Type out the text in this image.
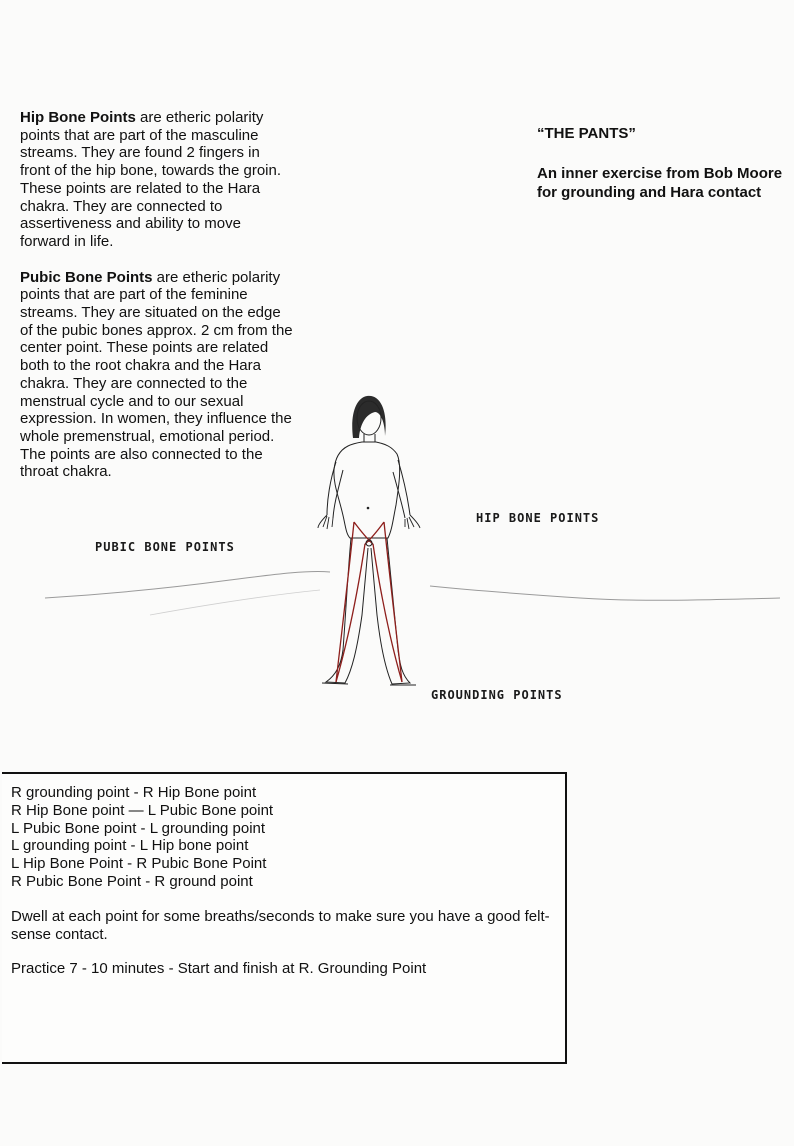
Hip Bone Points are etheric polarity points that are part of the masculine streams. They are found 2 fingers in front of the hip bone, towards the groin. These points are related to the Hara chakra. They are connected to assertiveness and ability to move forward in life.

Pubic Bone Points are etheric polarity points that are part of the feminine streams. They are situated on the edge of the pubic bones approx. 2 cm from the center point. These points are related both to the root chakra and the Hara chakra. They are connected to the menstrual cycle and to our sexual expression. In women, they influence the whole premenstrual, emotional period. The points are also connected to the throat chakra.

“THE PANTS”

An inner exercise from Bob Moore for grounding and Hara contact

HIP BONE POINTS
PUBIC BONE POINTS
GROUNDING POINTS
R grounding point - R Hip Bone point
R Hip Bone point — L Pubic Bone point
L Pubic Bone point - L grounding point
L grounding point - L Hip bone point
L Hip Bone Point - R Pubic Bone Point
R Pubic Bone Point - R ground point

Dwell at each point for some breaths/seconds to make sure you have a good felt-sense contact.

Practice 7 - 10 minutes - Start and finish at R. Grounding Point
